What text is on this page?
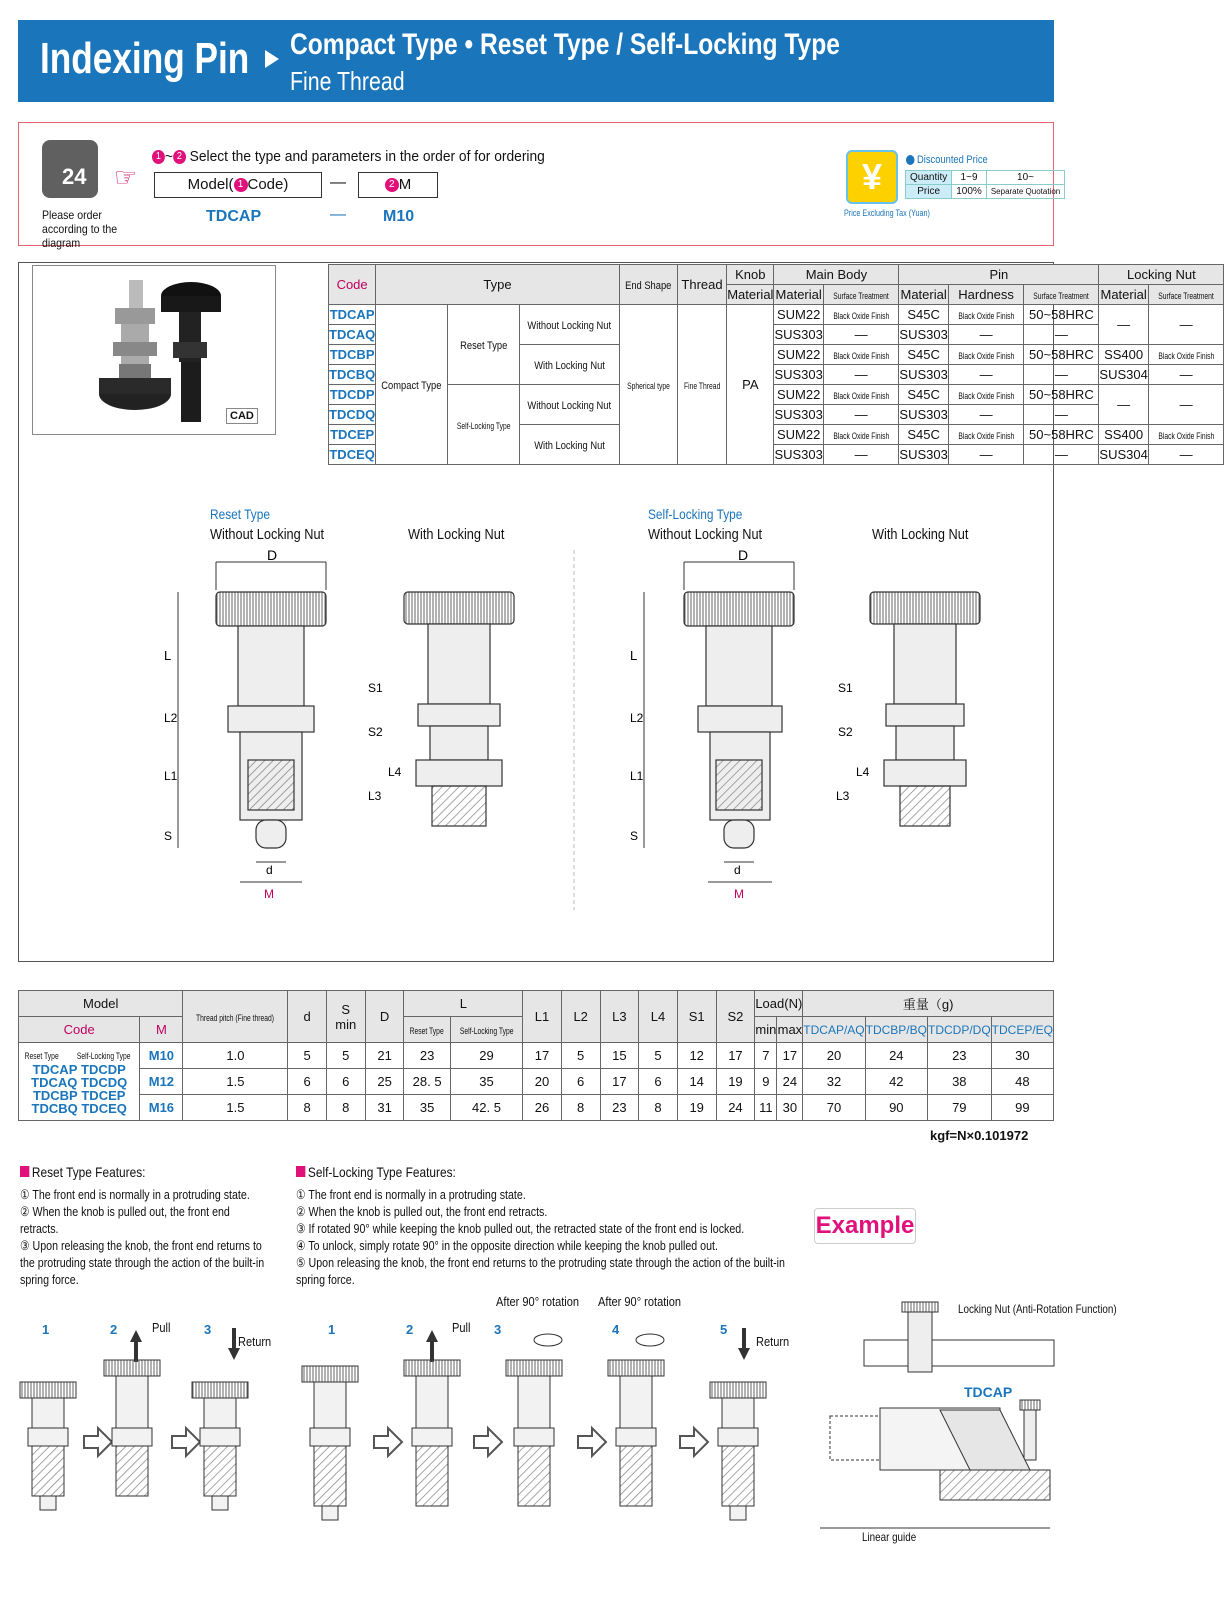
Indexing Pin Compact Type • Reset Type / Self-Locking Type
Fine Thread
24
Please order according to the diagram
☞
1 ~ 2 Select the type and parameters in the order of for ordering
Model( 1 Code)	—	2 M
TDCAP	— M10
¥
Price Excluding Tax (Yuan)
Discounted Price
Quantity	1~9	10~
Price	100%	Separate Quotation
CAD
Code	Type			End Shape	Thread	Knob	Main Body		Pin			Locking Nut	
						Material	Material	Surface Treatment	Material	Hardness	Surface Treatment	Material	Surface Treatment
TDCAP	Compact Type	Reset Type	Without Locking Nut	Spherical type	Fine Thread	PA	SUM22	Black Oxide Finish	S45C	Black Oxide Finish	50~58HRC	—	—
TDCAQ							SUS303	—	SUS303	—	—		
TDCBP			With Locking Nut				SUM22	Black Oxide Finish	S45C	Black Oxide Finish	50~58HRC	SS400	Black Oxide Finish
TDCBQ							SUS303	—	SUS303	—	—	SUS304	—
TDCDP		Self-Locking Type	Without Locking Nut				SUM22	Black Oxide Finish	S45C	Black Oxide Finish	50~58HRC	—	—
TDCDQ							SUS303	—	SUS303	—	—		
TDCEP			With Locking Nut				SUM22	Black Oxide Finish	S45C	Black Oxide Finish	50~58HRC	SS400	Black Oxide Finish
TDCEQ							SUS303	—	SUS303	—	—	SUS304	—
Reset Type
Without Locking Nut	With Locking Nut
Self-Locking Type
Without Locking Nut	With Locking Nut
D
L
L2
L1
S
d
M
S1
S2
L4
L3
D
L
L2
L1
S
d
M
S1
S2
L4
L3
Model		Thread pitch (Fine thread)	d	S
min	D	L		L1	L2	L3	L4	S1	S2	Load(N)		重量（g)			
Code	M					Reset Type	Self-Locking Type							min	max	TDCAP/AQ	TDCBP/BQ	TDCDP/DQ	TDCEP/EQ
Reset Type Self-Locking Type
TDCAP TDCDP
TDCAQ TDCDQ
TDCBP TDCEP
TDCBQ TDCEQ	M10	1.0	5	5	21	23	29	17	5	15	5	12	17	7	17	20	24	23	30
	M12	1.5	6	6	25	28. 5	35	20	6	17	6	14	19	9	24	32	42	38	48
	M16	1.5	8	8	31	35	42. 5	26	8	23	8	19	24	11	30	70	90	79	99
kgf=N×0.101972
Reset Type Features:
① The front end is normally in a protruding state.
② When the knob is pulled out, the front end retracts.
③ Upon releasing the knob, the front end returns to the protruding state through the action of the built-in spring force.
Self-Locking Type Features:
① The front end is normally in a protruding state.
② When the knob is pulled out, the front end retracts.
③ If rotated 90° while keeping the knob pulled out, the retracted state of the front end is locked.
④ To unlock, simply rotate 90° in the opposite direction while keeping the knob pulled out.
⑤ Upon releasing the knob, the front end returns to the protruding state through the action of the built-in spring force.
Example
1	2	Pull	3
Return
1	2	Pull
After 90° rotation
3
After 90° rotation
4	5
Return
Locking Nut (Anti-Rotation Function)
TDCAP
Linear guide
